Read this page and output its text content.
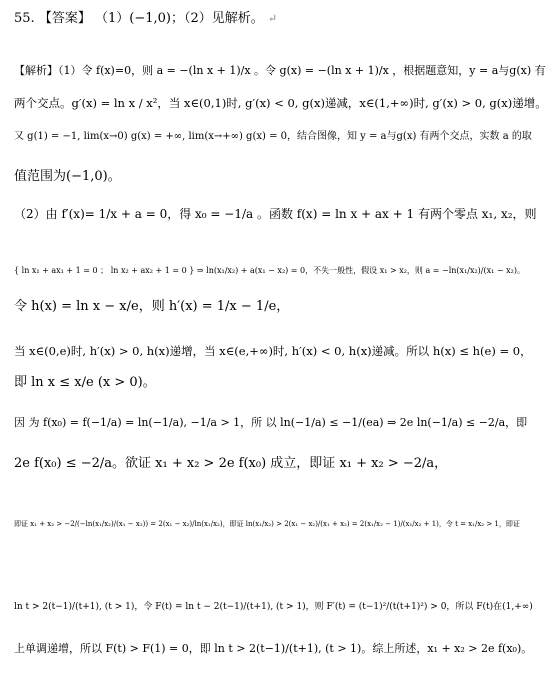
55. 【答案】 （1）(−1,0)；（2）见解析。 ↵
【解析】（1）令 f(x)=0，则 a = −(ln x + 1)/x 。令 g(x) = −(ln x + 1)/x ，根据题意知，y = a与g(x) 有
两个交点。g′(x) = ln x / x²，当 x∈(0,1)时, g′(x) < 0, g(x)递减，x∈(1,+∞)时, g′(x) > 0, g(x)递增。
又 g(1) = −1, lim(x→0) g(x) = +∞, lim(x→+∞) g(x) = 0，结合图像，知 y = a与g(x) 有两个交点，实数 a 的取
值范围为(−1,0)。
（2）由 f′(x)= 1/x + a = 0，得 x₀ = −1/a 。函数 f(x) = ln x + ax + 1 有两个零点 x₁, x₂，则
{ ln x₁ + ax₁ + 1 = 0 ； ln x₂ + ax₂ + 1 = 0 } ⇒ ln(x₁/x₂) + a(x₁ − x₂) = 0，不失一般性，假设 x₁ > x₂，则 a = −ln(x₁/x₂)/(x₁ − x₂)。
令 h(x) = ln x − x/e，则 h′(x) = 1/x − 1/e，
当 x∈(0,e)时, h′(x) > 0, h(x)递增，当 x∈(e,+∞)时, h′(x) < 0, h(x)递减。所以 h(x) ≤ h(e) = 0，
即 ln x ≤ x/e (x > 0)。
因 为 f(x₀) = f(−1/a) = ln(−1/a), −1/a > 1，所 以 ln(−1/a) ≤ −1/(ea) ⇒ 2e ln(−1/a) ≤ −2/a，即
2e f(x₀) ≤ −2/a。欲证 x₁ + x₂ > 2e f(x₀) 成立，即证 x₁ + x₂ > −2/a，
即证 x₁ + x₂ > −2/(−ln(x₁/x₂)/(x₁ − x₂)) = 2(x₁ − x₂)/ln(x₁/x₂)，即证 ln(x₁/x₂) > 2(x₁ − x₂)/(x₁ + x₂) = 2(x₁/x₂ − 1)/(x₁/x₂ + 1)，令 t = x₁/x₂ > 1，即证
ln t > 2(t−1)/(t+1), (t > 1)，令 F(t) = ln t − 2(t−1)/(t+1), (t > 1)，则 F′(t) = (t−1)²/(t(t+1)²) > 0，所以 F(t)在(1,+∞)
上单调递增，所以 F(t) > F(1) = 0，即 ln t > 2(t−1)/(t+1), (t > 1)。综上所述，x₁ + x₂ > 2e f(x₀)。
